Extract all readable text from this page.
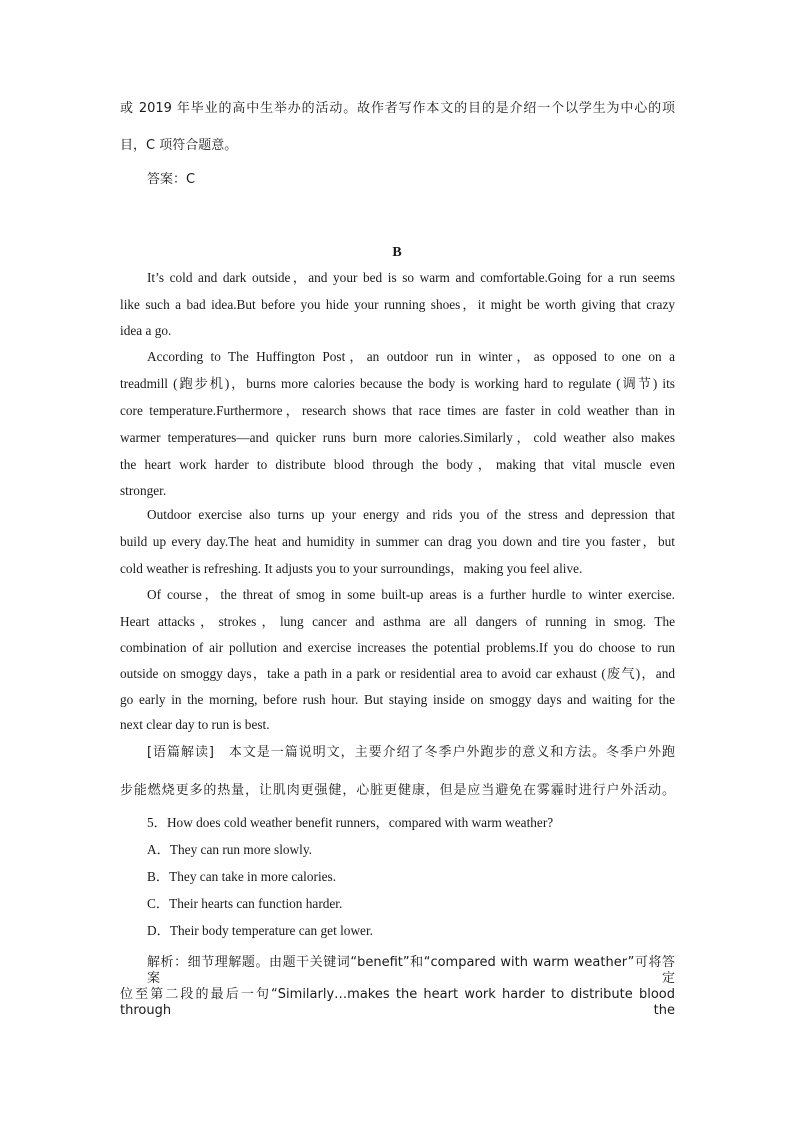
或 2019 年毕业的高中生举办的活动。故作者写作本文的目的是介绍一个以学生为中心的项
目，C 项符合题意。
答案：C
B
It’s cold and dark outside，and your bed is so warm and comfortable.Going for a run seems
like such a bad idea.But before you hide your running shoes，it might be worth giving that crazy
idea a go.
According to The Huffington Post，an outdoor run in winter，as opposed to one on a
treadmill (跑步机)，burns more calories because the body is working hard to regulate (调节) its
core temperature.Furthermore，research shows that race times are faster in cold weather than in
warmer temperatures—and quicker runs burn more calories.Similarly，cold weather also makes
the heart work harder to distribute blood through the body，making that vital muscle even
stronger.
Outdoor exercise also turns up your energy and rids you of the stress and depression that
build up every day.The heat and humidity in summer can drag you down and tire you faster，but
cold weather is refreshing. It adjusts you to your surroundings，making you feel alive.
Of course，the threat of smog in some built-up areas is a further hurdle to winter exercise.
Heart attacks，strokes，lung cancer and asthma are all dangers of running in smog. The
combination of air pollution and exercise increases the potential problems.If you do choose to run
outside on smoggy days，take a path in a park or residential area to avoid car exhaust (废气)，and
go early in the morning, before rush hour. But staying inside on smoggy days and waiting for the
next clear day to run is best.
[语篇解读]　本文是一篇说明文，主要介绍了冬季户外跑步的意义和方法。冬季户外跑
步能燃烧更多的热量，让肌肉更强健，心脏更健康，但是应当避免在雾霾时进行户外活动。
5．How does cold weather benefit runners，compared with warm weather?
A．They can run more slowly.
B．They can take in more calories.
C．Their hearts can function harder.
D．Their body temperature can get lower.
解析：细节理解题。由题干关键词“benefit”和“compared with warm weather”可将答案定
位至第二段的最后一句“Similarly…makes the heart work harder to distribute blood through the
